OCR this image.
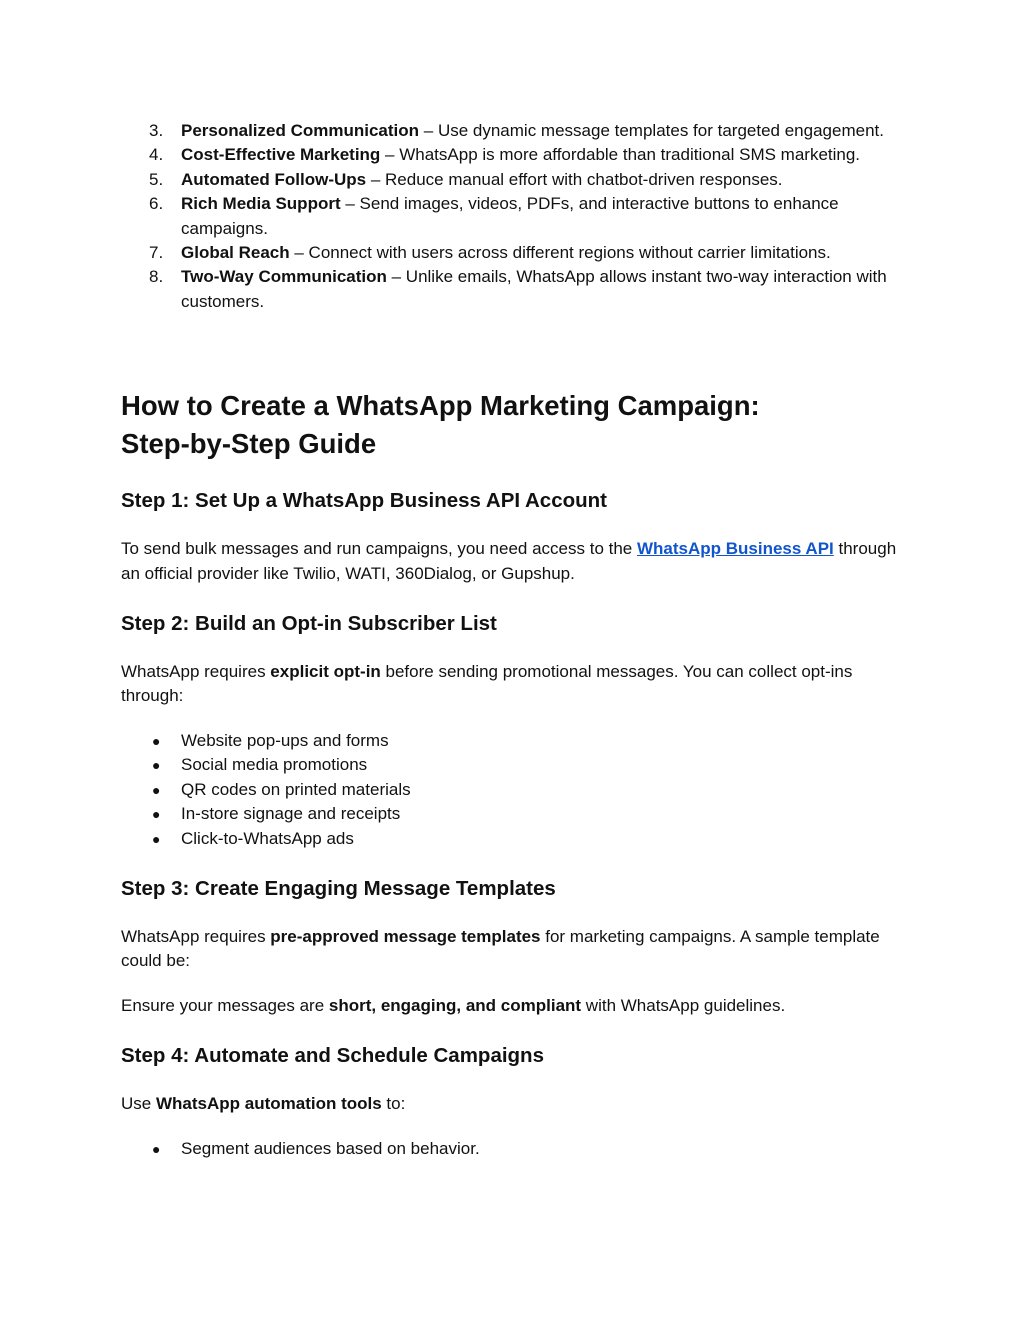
3. Personalized Communication – Use dynamic message templates for targeted engagement.
4. Cost-Effective Marketing – WhatsApp is more affordable than traditional SMS marketing.
5. Automated Follow-Ups – Reduce manual effort with chatbot-driven responses.
6. Rich Media Support – Send images, videos, PDFs, and interactive buttons to enhance campaigns.
7. Global Reach – Connect with users across different regions without carrier limitations.
8. Two-Way Communication – Unlike emails, WhatsApp allows instant two-way interaction with customers.
How to Create a WhatsApp Marketing Campaign:
Step-by-Step Guide
Step 1: Set Up a WhatsApp Business API Account

To send bulk messages and run campaigns, you need access to the WhatsApp Business API through an official provider like Twilio, WATI, 360Dialog, or Gupshup.

Step 2: Build an Opt-in Subscriber List

WhatsApp requires explicit opt-in before sending promotional messages. You can collect opt-ins through:

● Website pop-ups and forms
● Social media promotions
● QR codes on printed materials
● In-store signage and receipts
● Click-to-WhatsApp ads
Step 3: Create Engaging Message Templates

WhatsApp requires pre-approved message templates for marketing campaigns. A sample template could be:

Ensure your messages are short, engaging, and compliant with WhatsApp guidelines.

Step 4: Automate and Schedule Campaigns

Use WhatsApp automation tools to:

● Segment audiences based on behavior.
